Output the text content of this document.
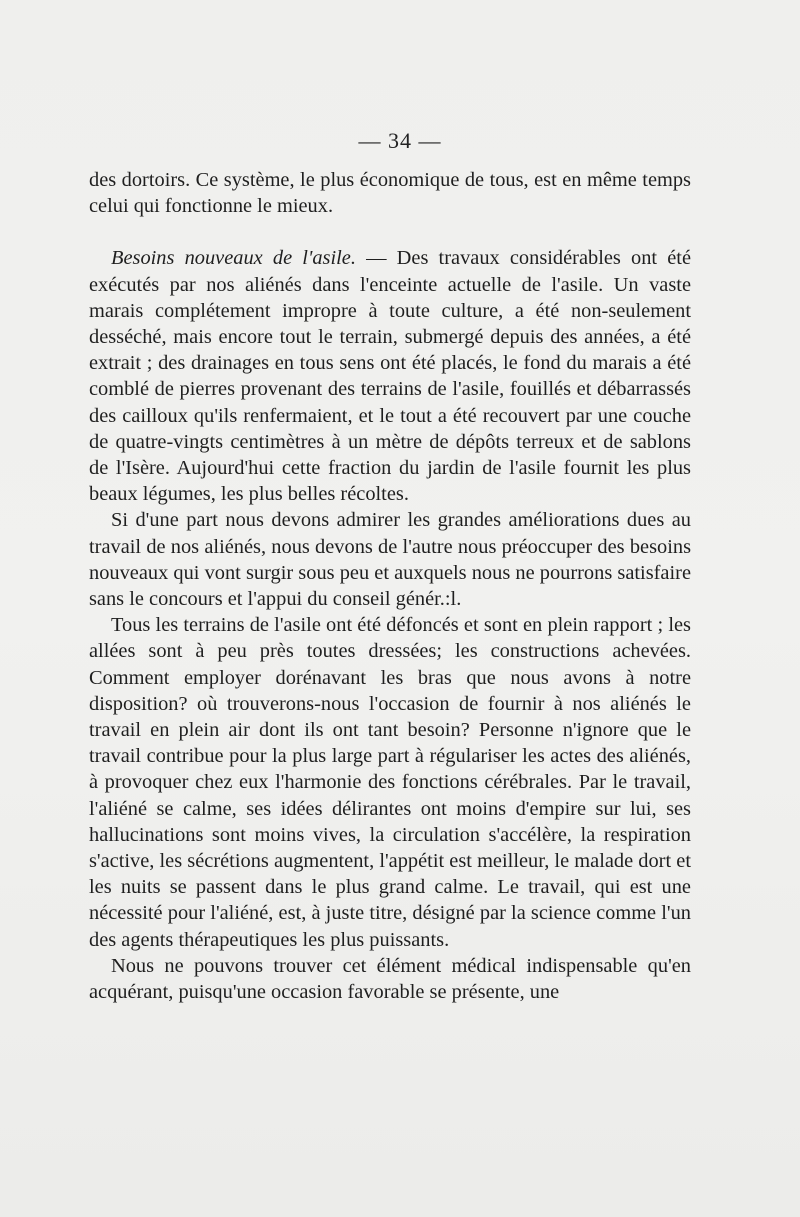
— 34 —

des dortoirs. Ce système, le plus économique de tous, est en même temps celui qui fonctionne le mieux.

Besoins nouveaux de l'asile. — Des travaux considérables ont été exécutés par nos aliénés dans l'enceinte actuelle de l'asile. Un vaste marais complétement impropre à toute culture, a été non-seulement desséché, mais encore tout le terrain, submergé depuis des années, a été extrait ; des drainages en tous sens ont été placés, le fond du marais a été comblé de pierres provenant des terrains de l'asile, fouillés et débarrassés des cailloux qu'ils renfermaient, et le tout a été recouvert par une couche de quatre-vingts centimètres à un mètre de dépôts terreux et de sablons de l'Isère. Aujourd'hui cette fraction du jardin de l'asile fournit les plus beaux légumes, les plus belles récoltes.

Si d'une part nous devons admirer les grandes améliorations dues au travail de nos aliénés, nous devons de l'autre nous préoccuper des besoins nouveaux qui vont surgir sous peu et auxquels nous ne pourrons satisfaire sans le concours et l'appui du conseil génér.:l.

Tous les terrains de l'asile ont été défoncés et sont en plein rapport ; les allées sont à peu près toutes dressées; les constructions achevées. Comment employer dorénavant les bras que nous avons à notre disposition? où trouverons-nous l'occasion de fournir à nos aliénés le travail en plein air dont ils ont tant besoin? Personne n'ignore que le travail contribue pour la plus large part à régulariser les actes des aliénés, à provoquer chez eux l'harmonie des fonctions cérébrales. Par le travail, l'aliéné se calme, ses idées délirantes ont moins d'empire sur lui, ses hallucinations sont moins vives, la circulation s'accélère, la respiration s'active, les sécrétions augmentent, l'appétit est meilleur, le malade dort et les nuits se passent dans le plus grand calme. Le travail, qui est une nécessité pour l'aliéné, est, à juste titre, désigné par la science comme l'un des agents thérapeutiques les plus puissants.

Nous ne pouvons trouver cet élément médical indispensable qu'en acquérant, puisqu'une occasion favorable se présente, une
